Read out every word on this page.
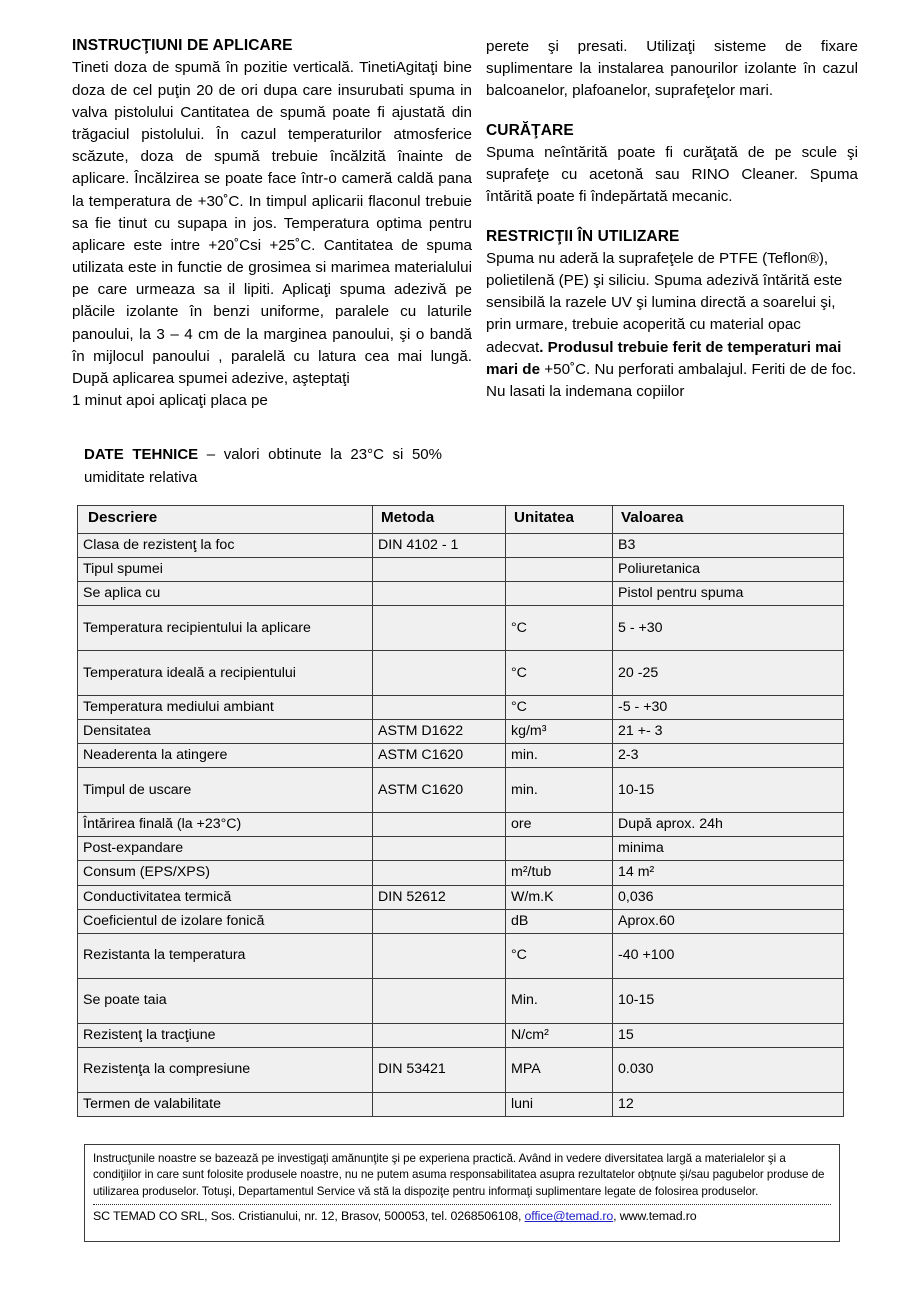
INSTRUCŢIUNI DE APLICARE

Tineti doza de spumă în pozitie verticală. TinetiAgitaţi bine doza de cel puţin 20 de ori dupa care insurubati spuma in valva pistolului Cantitatea de spumă poate fi ajustată din trăgaciul pistolului. În cazul temperaturilor atmosferice scăzute, doza de spumă trebuie încălzită înainte de aplicare. Încălzirea se poate face într-o cameră caldă pana la temperatura de +30˚C. In timpul aplicarii flaconul trebuie sa fie tinut cu supapa in jos. Temperatura optima pentru aplicare este intre +20˚Csi +25˚C. Cantitatea de spuma utilizata este in functie de grosimea si marimea materialului pe care urmeaza sa il lipiti. Aplicaţi spuma adezivă pe plăcile izolante în benzi uniforme, paralele cu laturile panoului, la 3 – 4 cm de la marginea panoului, şi o bandă în mijlocul panoului , paralelă cu latura cea mai lungă. După aplicarea spumei adezive, aşteptaţi

1 minut apoi aplicaţi placa pe

perete şi presati. Utilizaţi sisteme de fixare suplimentare la instalarea panourilor izolante în cazul balcoanelor, plafoanelor, suprafeţelor mari.

CURĂŢARE

Spuma neîntărită poate fi curăţată de pe scule şi suprafeţe cu acetonă sau RINO Cleaner. Spuma întărită poate fi îndepărtată mecanic.

RESTRICŢII ÎN UTILIZARE

Spuma nu aderă la suprafeţele de PTFE (Teflon®), polietilenă (PE) şi siliciu. Spuma adezivă întărită este sensibilă la razele UV şi lumina directă a soarelui şi, prin urmare, trebuie acoperită cu material opac adecvat. Produsul trebuie ferit de temperaturi mai mari de +50˚C. Nu perforati ambalajul. Feriti de de foc. Nu lasati la indemana copiilor

DATE TEHNICE – valori obtinute la 23°C si 50% umiditate relativa
Descriere	Metoda	Unitatea	Valoarea
Clasa de rezistenţ la foc	DIN 4102 - 1		B3
Tipul spumei			Poliuretanica
Se aplica cu			Pistol pentru spuma
Temperatura recipientului la aplicare		°C	5 - +30
Temperatura ideală a recipientului		°C	20 -25
Temperatura mediului ambiant		°C	-5 - +30
Densitatea	ASTM D1622	kg/m³	21 +- 3
Neaderenta la atingere	ASTM C1620	min.	2-3
Timpul de uscare	ASTM C1620	min.	10-15
Întărirea finală (la +23°C)		ore	După aprox. 24h
Post-expandare			minima
Consum (EPS/XPS)		m²/tub	14 m²
Conductivitatea termică	DIN 52612	W/m.K	0,036
Coeficientul de izolare fonică		dB	Aprox.60
Rezistanta la temperatura		°C	-40 +100
Se poate taia		Min.	10-15
Rezistenţ la tracţiune		N/cm²	15
Rezistenţa la compresiune	DIN 53421	MPA	0.030
Termen de valabilitate		luni	12

Instrucţunile noastre se bazează pe investigaţi amănunţite şi pe experiena practică. Având in vedere diversitatea largă a materialelor şi a condiţiilor in care sunt folosite produsele noastre, nu ne putem asuma responsabilitatea asupra rezultatelor obţnute şi/sau pagubelor produse de utilizarea produselor. Totuşi, Departamentul Service vă stă la dispoziţe pentru informaţi suplimentare legate de folosirea produselor.

SC TEMAD CO SRL, Sos. Cristianului, nr. 12, Brasov, 500053, tel. 0268506108, office@temad.ro, www.temad.ro
